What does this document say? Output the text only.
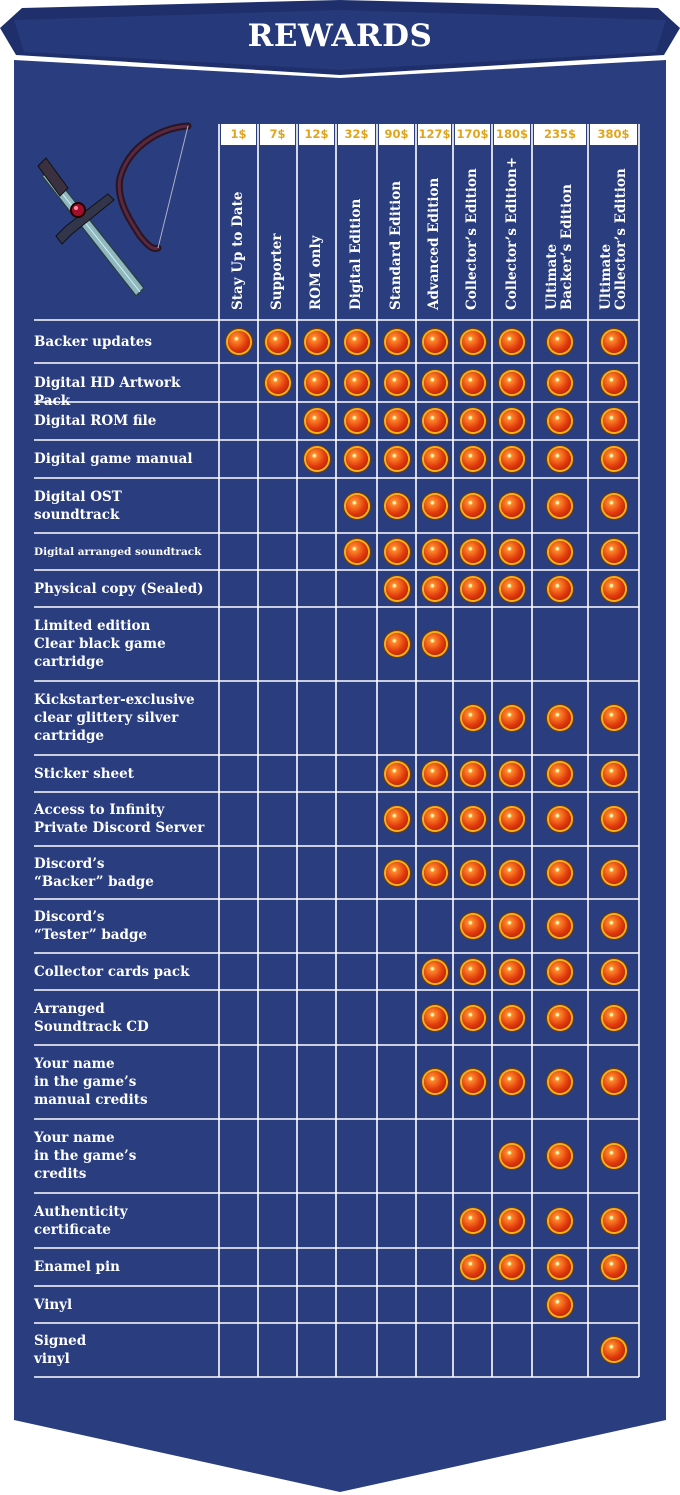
REWARDS
1$
Stay Up to Date
7$
Supporter
12$
ROM only
32$
Digital Edition
90$
Standard Edition
127$
Advanced Edition
170$
Collector’s Edition
180$
Collector’s Edition+
235$
Ultimate
Backer’s Edition
380$
Ultimate
Collector’s Edition
Backer updates
Digital HD Artwork Pack
Digital ROM file
Digital game manual
Digital OST
soundtrack
Digital arranged soundtrack
Physical copy (Sealed)
Limited edition
Clear black game
cartridge
Kickstarter-exclusive
clear glittery silver
cartridge
Sticker sheet
Access to Infinity
Private Discord Server
Discord’s
“Backer” badge
Discord’s
“Tester” badge
Collector cards pack
Arranged
Soundtrack CD
Your name
in the game’s
manual credits
Your name
in the game’s
credits
Authenticity
certificate
Enamel pin
Vinyl
Signed
vinyl
